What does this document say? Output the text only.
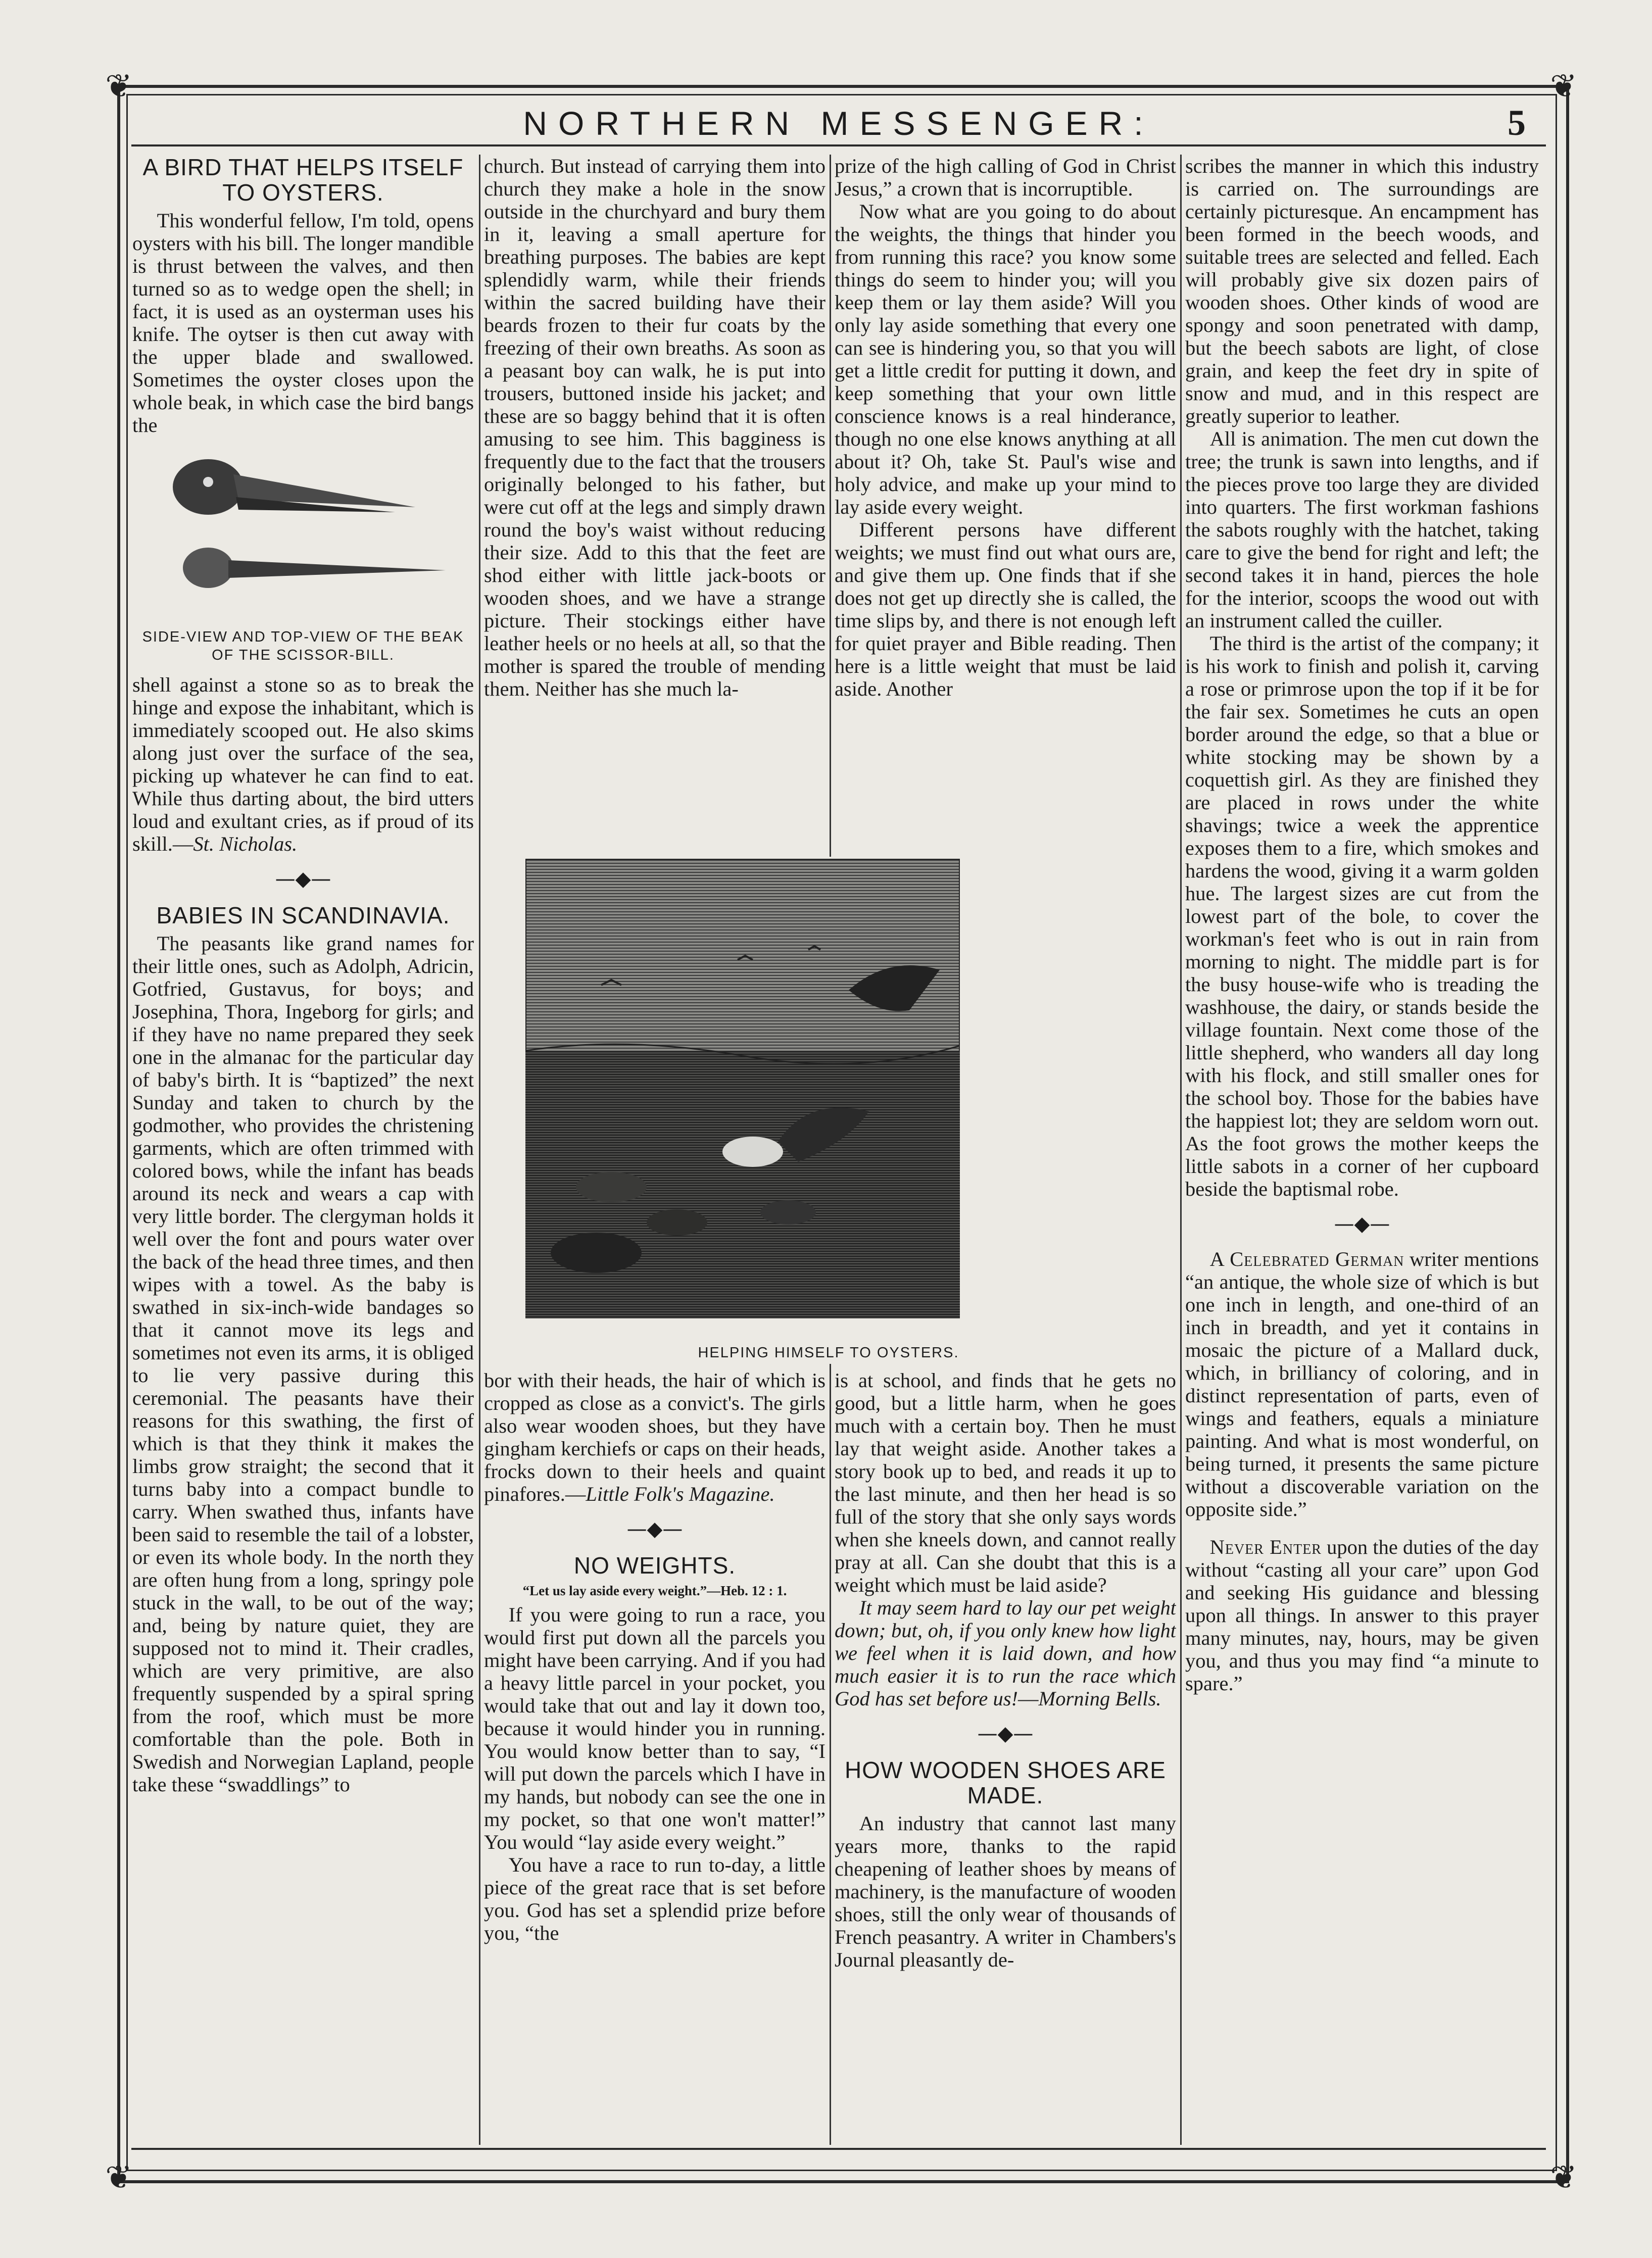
❦	❦
❦	❦
NORTHERN MESSENGER:	5
A BIRD THAT HELPS ITSELF TO OYSTERS.

This wonderful fellow, I'm told, opens oysters with his bill. The longer mandible is thrust between the valves, and then turned so as to wedge open the shell; in fact, it is used as an oysterman uses his knife. The oytser is then cut away with the upper blade and swallowed. Sometimes the oyster closes upon the whole beak, in which case the bird bangs the

SIDE-VIEW AND TOP-VIEW OF THE BEAK OF THE SCISSOR-BILL.

shell against a stone so as to break the hinge and expose the inhabitant, which is immediately scooped out. He also skims along just over the surface of the sea, picking up whatever he can find to eat. While thus darting about, the bird utters loud and exultant cries, as if proud of its skill.—St. Nicholas.

—◆—
BABIES IN SCANDINAVIA.

The peasants like grand names for their little ones, such as Adolph, Adricin, Gotfried, Gustavus, for boys; and Josephina, Thora, Ingeborg for girls; and if they have no name prepared they seek one in the almanac for the particular day of baby's birth. It is “baptized” the next Sunday and taken to church by the godmother, who provides the christening garments, which are often trimmed with colored bows, while the infant has beads around its neck and wears a cap with very little border. The clergyman holds it well over the font and pours water over the back of the head three times, and then wipes with a towel. As the baby is swathed in six-inch-wide bandages so that it cannot move its legs and sometimes not even its arms, it is obliged to lie very passive during this ceremonial. The peasants have their reasons for this swathing, the first of which is that they think it makes the limbs grow straight; the second that it turns baby into a compact bundle to carry. When swathed thus, infants have been said to resemble the tail of a lobster, or even its whole body. In the north they are often hung from a long, springy pole stuck in the wall, to be out of the way; and, being by nature quiet, they are supposed not to mind it. Their cradles, which are very primitive, are also frequently suspended by a spiral spring from the roof, which must be more comfortable than the pole. Both in Swedish and Norwegian Lapland, people take these “swaddlings” to

church. But instead of carrying them into church they make a hole in the snow outside in the churchyard and bury them in it, leaving a small aperture for breathing purposes. The babies are kept splendidly warm, while their friends within the sacred building have their beards frozen to their fur coats by the freezing of their own breaths. As soon as a peasant boy can walk, he is put into trousers, buttoned inside his jacket; and these are so baggy behind that it is often amusing to see him. This bagginess is frequently due to the fact that the trousers originally belonged to his father, but were cut off at the legs and simply drawn round the boy's waist without reducing their size. Add to this that the feet are shod either with little jack-boots or wooden shoes, and we have a strange picture. Their stockings either have leather heels or no heels at all, so that the mother is spared the trouble of mending them. Neither has she much la-

bor with their heads, the hair of which is cropped as close as a convict's. The girls also wear wooden shoes, but they have gingham kerchiefs or caps on their heads, frocks down to their heels and quaint pinafores.—Little Folk's Magazine.

—◆—
NO WEIGHTS.
“Let us lay aside every weight.”—Heb. 12 : 1.

If you were going to run a race, you would first put down all the parcels you might have been carrying. And if you had a heavy little parcel in your pocket, you would take that out and lay it down too, because it would hinder you in running. You would know better than to say, “I will put down the parcels which I have in my hands, but nobody can see the one in my pocket, so that one won't matter!” You would “lay aside every weight.”

You have a race to run to-day, a little piece of the great race that is set before you. God has set a splendid prize before you, “the

prize of the high calling of God in Christ Jesus,” a crown that is incorruptible.

Now what are you going to do about the weights, the things that hinder you from running this race? you know some things do seem to hinder you; will you keep them or lay them aside? Will you only lay aside something that every one can see is hindering you, so that you will get a little credit for putting it down, and keep something that your own little conscience knows is a real hinderance, though no one else knows anything at all about it? Oh, take St. Paul's wise and holy advice, and make up your mind to lay aside every weight.

Different persons have different weights; we must find out what ours are, and give them up. One finds that if she does not get up directly she is called, the time slips by, and there is not enough left for quiet prayer and Bible reading. Then here is a little weight that must be laid aside. Another

is at school, and finds that he gets no good, but a little harm, when he goes much with a certain boy. Then he must lay that weight aside. Another takes a story book up to bed, and reads it up to the last minute, and then her head is so full of the story that she only says words when she kneels down, and cannot really pray at all. Can she doubt that this is a weight which must be laid aside?

It may seem hard to lay our pet weight down; but, oh, if you only knew how light we feel when it is laid down, and how much easier it is to run the race which God has set before us!—Morning Bells.

—◆—
HOW WOODEN SHOES ARE MADE.

An industry that cannot last many years more, thanks to the rapid cheapening of leather shoes by means of machinery, is the manufacture of wooden shoes, still the only wear of thousands of French peasantry. A writer in Chambers's Journal pleasantly de-

HELPING HIMSELF TO OYSTERS.

scribes the manner in which this industry is carried on. The surroundings are certainly picturesque. An encampment has been formed in the beech woods, and suitable trees are selected and felled. Each will probably give six dozen pairs of wooden shoes. Other kinds of wood are spongy and soon penetrated with damp, but the beech sabots are light, of close grain, and keep the feet dry in spite of snow and mud, and in this respect are greatly superior to leather.

All is animation. The men cut down the tree; the trunk is sawn into lengths, and if the pieces prove too large they are divided into quarters. The first workman fashions the sabots roughly with the hatchet, taking care to give the bend for right and left; the second takes it in hand, pierces the hole for the interior, scoops the wood out with an instrument called the cuiller.

The third is the artist of the company; it is his work to finish and polish it, carving a rose or primrose upon the top if it be for the fair sex. Sometimes he cuts an open border around the edge, so that a blue or white stocking may be shown by a coquettish girl. As they are finished they are placed in rows under the white shavings; twice a week the apprentice exposes them to a fire, which smokes and hardens the wood, giving it a warm golden hue. The largest sizes are cut from the lowest part of the bole, to cover the workman's feet who is out in rain from morning to night. The middle part is for the busy house-wife who is treading the washhouse, the dairy, or stands beside the village fountain. Next come those of the little shepherd, who wanders all day long with his flock, and still smaller ones for the school boy. Those for the babies have the happiest lot; they are seldom worn out. As the foot grows the mother keeps the little sabots in a corner of her cupboard beside the baptismal robe.

—◆—

A Celebrated German writer mentions “an antique, the whole size of which is but one inch in length, and one-third of an inch in breadth, and yet it contains in mosaic the picture of a Mallard duck, which, in brilliancy of coloring, and in distinct representation of parts, even of wings and feathers, equals a miniature painting. And what is most wonderful, on being turned, it presents the same picture without a discoverable variation on the opposite side.”

Never Enter upon the duties of the day without “casting all your care” upon God and seeking His guidance and blessing upon all things. In answer to this prayer many minutes, nay, hours, may be given you, and thus you may find “a minute to spare.”
